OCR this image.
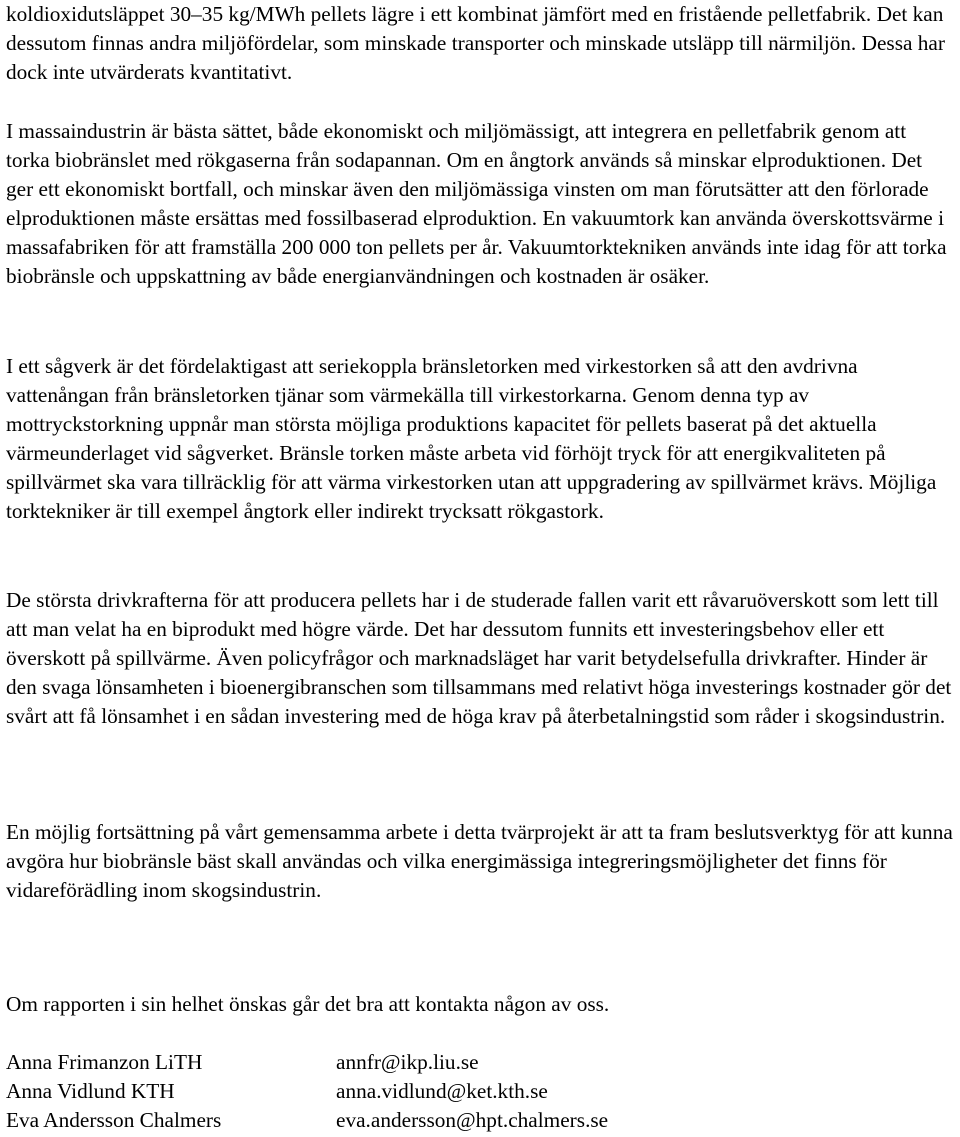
koldioxidutsläppet 30–35 kg/MWh pellets lägre i ett kombinat jämfört med en fristående pelletfabrik. Det kan dessutom finnas andra miljöfördelar, som minskade transporter och minskade utsläpp till närmiljön. Dessa har dock inte utvärderats kvantitativt.

I massaindustrin är bästa sättet, både ekonomiskt och miljömässigt, att integrera en pelletfabrik genom att torka biobränslet med rökgaserna från sodapannan. Om en ångtork används så minskar elproduktionen. Det ger ett ekonomiskt bortfall, och minskar även den miljömässiga vinsten om man förutsätter att den förlorade elproduktionen måste ersättas med fossilbaserad elproduktion. En vakuumtork kan använda överskottsvärme i massafabriken för att framställa 200 000 ton pellets per år. Vakuumtorktekniken används inte idag för att torka biobränsle och uppskattning av både energianvändningen och kostnaden är osäker.

I ett sågverk är det fördelaktigast att seriekoppla bränsletorken med virkestorken så att den avdrivna vattenångan från bränsletorken tjänar som värmekälla till virkestorkarna. Genom denna typ av mottryckstorkning uppnår man största möjliga produktions kapacitet för pellets baserat på det aktuella värmeunderlaget vid sågverket. Bränsle torken måste arbeta vid förhöjt tryck för att energikvaliteten på spillvärmet ska vara tillräcklig för att värma virkestorken utan att uppgradering av spillvärmet krävs. Möjliga torktekniker är till exempel ångtork eller indirekt trycksatt rökgastork.

De största drivkrafterna för att producera pellets har i de studerade fallen varit ett råvaruöverskott som lett till att man velat ha en biprodukt med högre värde. Det har dessutom funnits ett investeringsbehov eller ett överskott på spillvärme. Även policyfrågor och marknadsläget har varit betydelsefulla drivkrafter. Hinder är den svaga lönsamheten i bioenergibranschen som tillsammans med relativt höga investerings kostnader gör det svårt att få lönsamhet i en sådan investering med de höga krav på återbetalningstid som råder i skogsindustrin.

En möjlig fortsättning på vårt gemensamma arbete i detta tvärprojekt är att ta fram beslutsverktyg för att kunna avgöra hur biobränsle bäst skall användas och vilka energimässiga integreringsmöjligheter det finns för vidareförädling inom skogsindustrin.

Om rapporten i sin helhet önskas går det bra att kontakta någon av oss.

Anna Frimanzon LiTH	annfr@ikp.liu.se
Anna Vidlund KTH	anna.vidlund@ket.kth.se
Eva Andersson Chalmers	eva.andersson@hpt.chalmers.se
